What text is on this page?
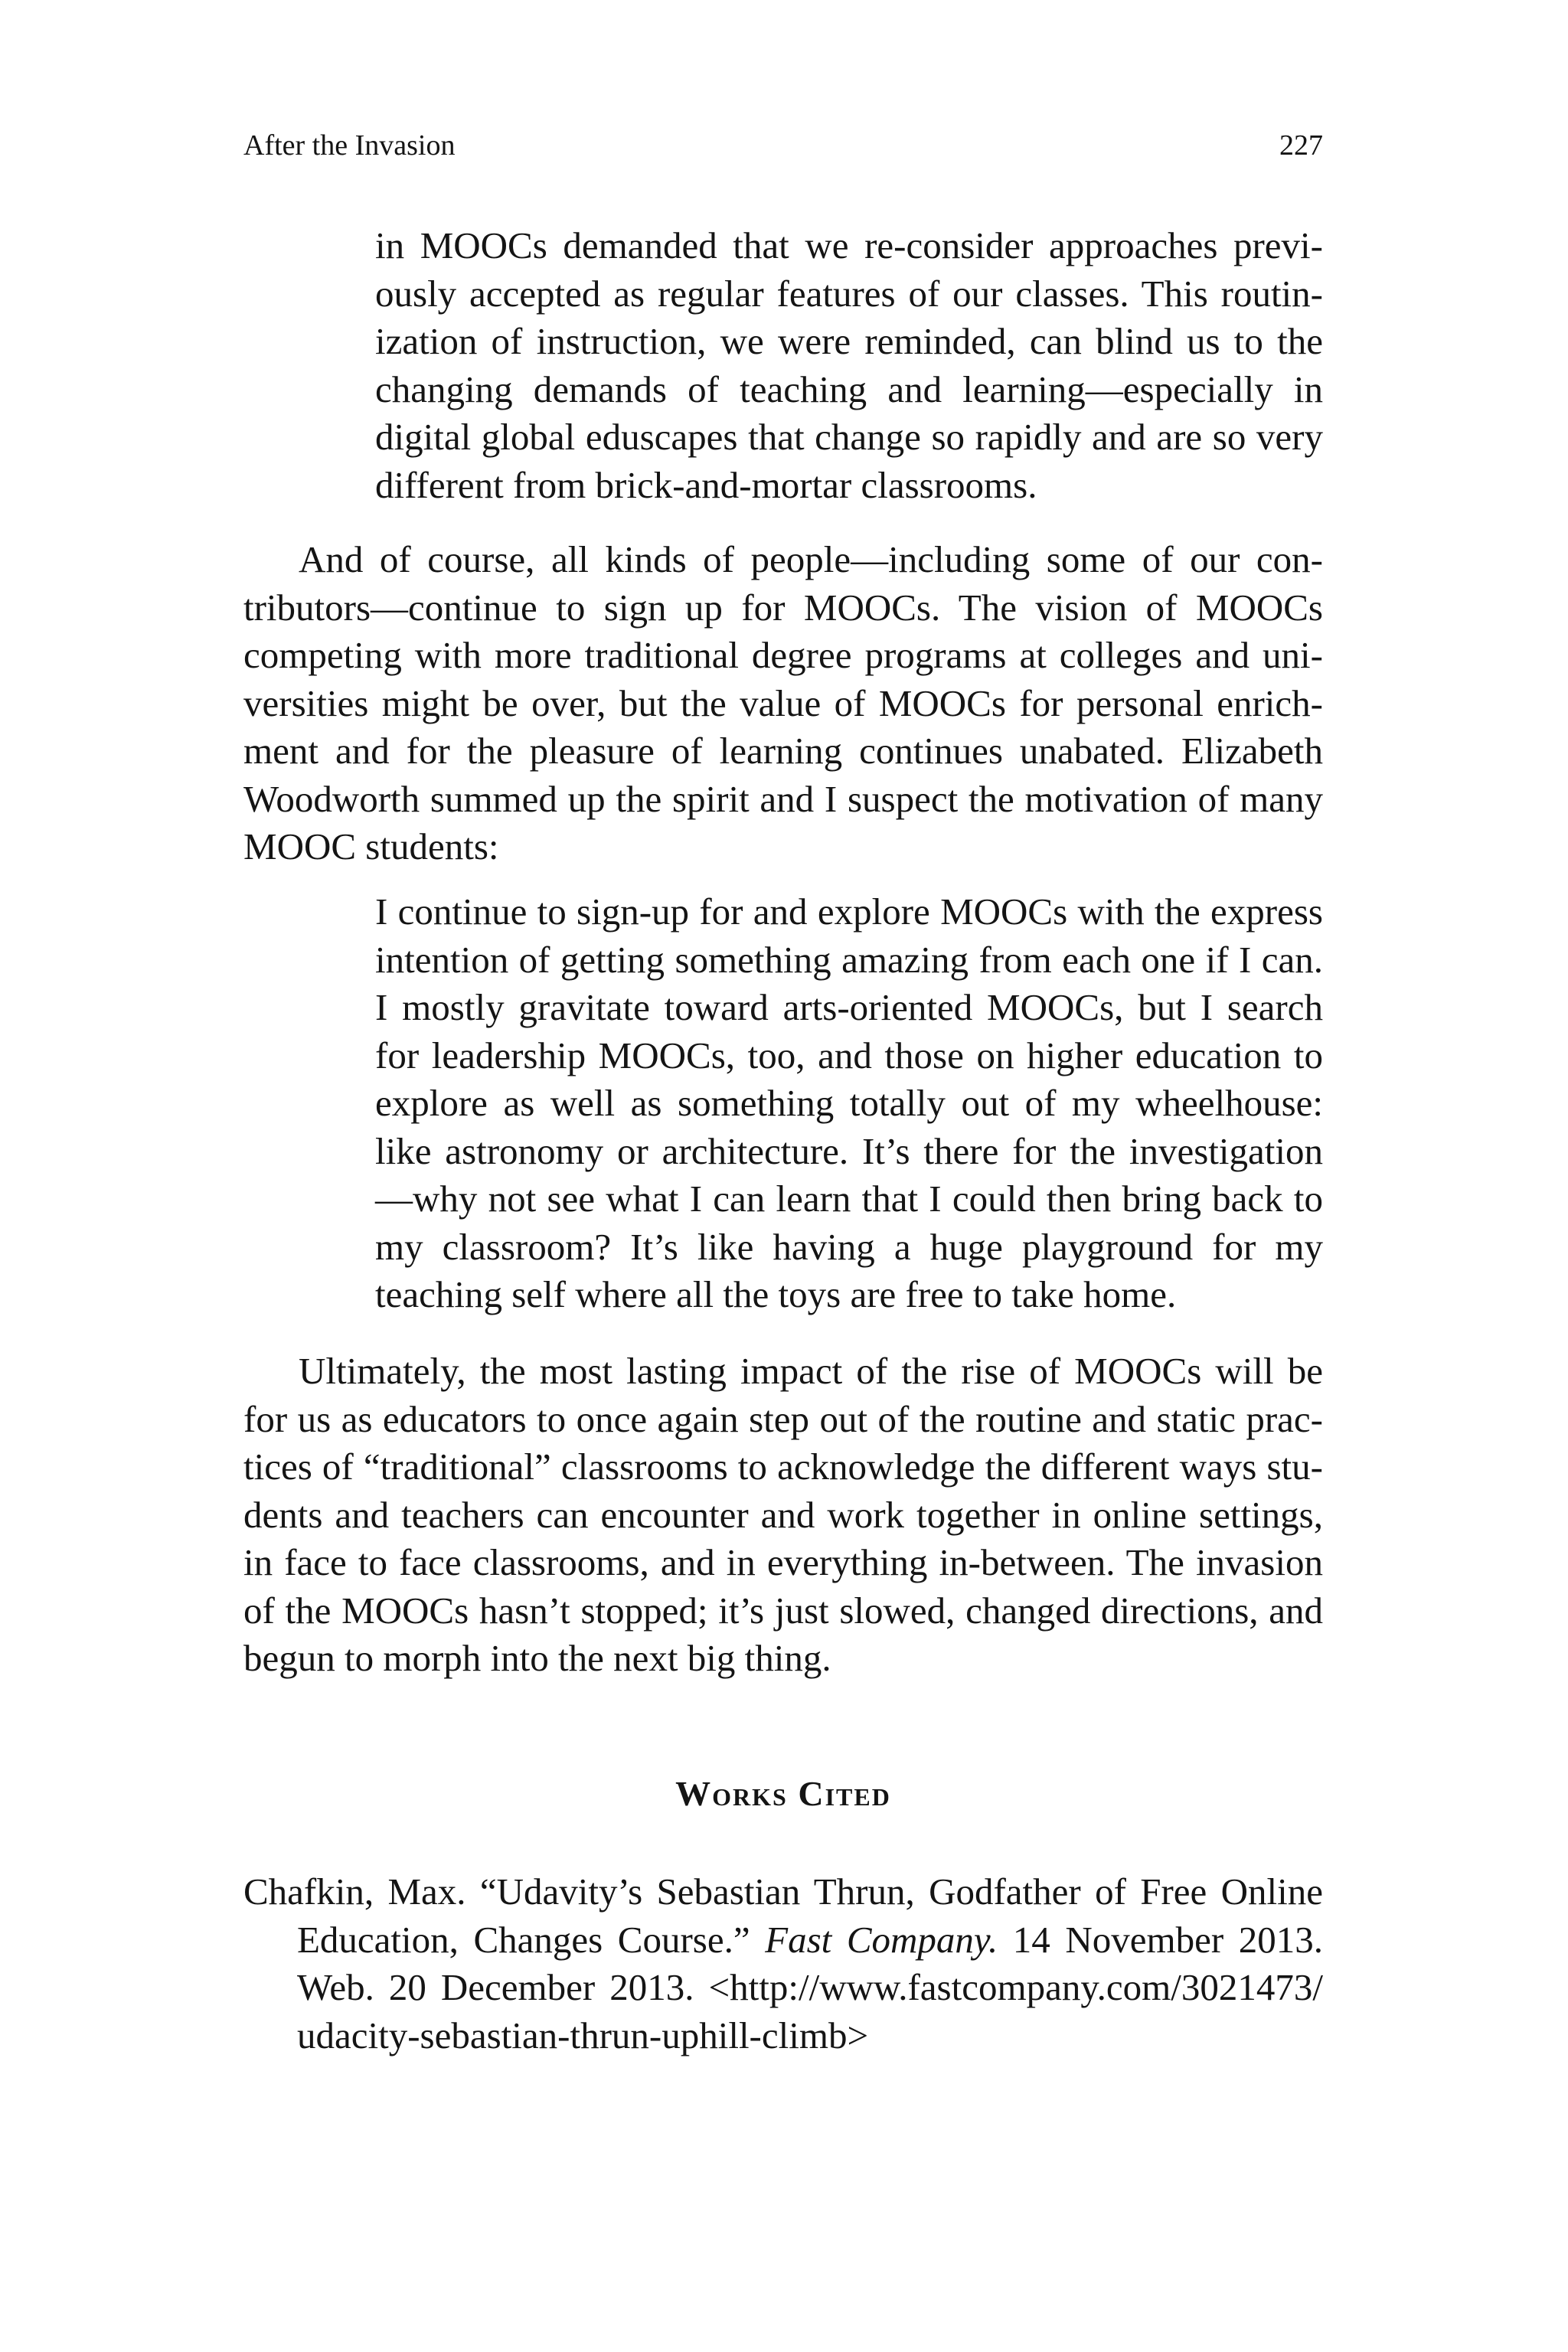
After the Invasion	227

in MOOCs demanded that we re-consider approaches previously accepted as regular features of our classes. This routinization of instruction, we were reminded, can blind us to the changing demands of teaching and learning—especially in digital global eduscapes that change so rapidly and are so very different from brick-and-mortar classrooms.

And of course, all kinds of people—including some of our contributors—continue to sign up for MOOCs. The vision of MOOCs competing with more traditional degree programs at colleges and universities might be over, but the value of MOOCs for personal enrichment and for the pleasure of learning continues unabated. Elizabeth Woodworth summed up the spirit and I suspect the motivation of many MOOC students:

I continue to sign-up for and explore MOOCs with the express intention of getting something amazing from each one if I can. I mostly gravitate toward arts-oriented MOOCs, but I search for leadership MOOCs, too, and those on higher education to explore as well as something totally out of my wheelhouse: like astronomy or architecture. It’s there for the investigation—why not see what I can learn that I could then bring back to my classroom? It’s like having a huge playground for my teaching self where all the toys are free to take home.

Ultimately, the most lasting impact of the rise of MOOCs will be for us as educators to once again step out of the routine and static practices of “traditional” classrooms to acknowledge the different ways students and teachers can encounter and work together in online settings, in face to face classrooms, and in everything in-between. The invasion of the MOOCs hasn’t stopped; it’s just slowed, changed directions, and begun to morph into the next big thing.

Works Cited

Chafkin, Max. “Udavity’s Sebastian Thrun, Godfather of Free Online Education, Changes Course.” Fast Company. 14 November 2013. Web. 20 December 2013. <http://www.fastcompany.com/3021473/ udacity-sebastian-thrun-uphill-climb>
